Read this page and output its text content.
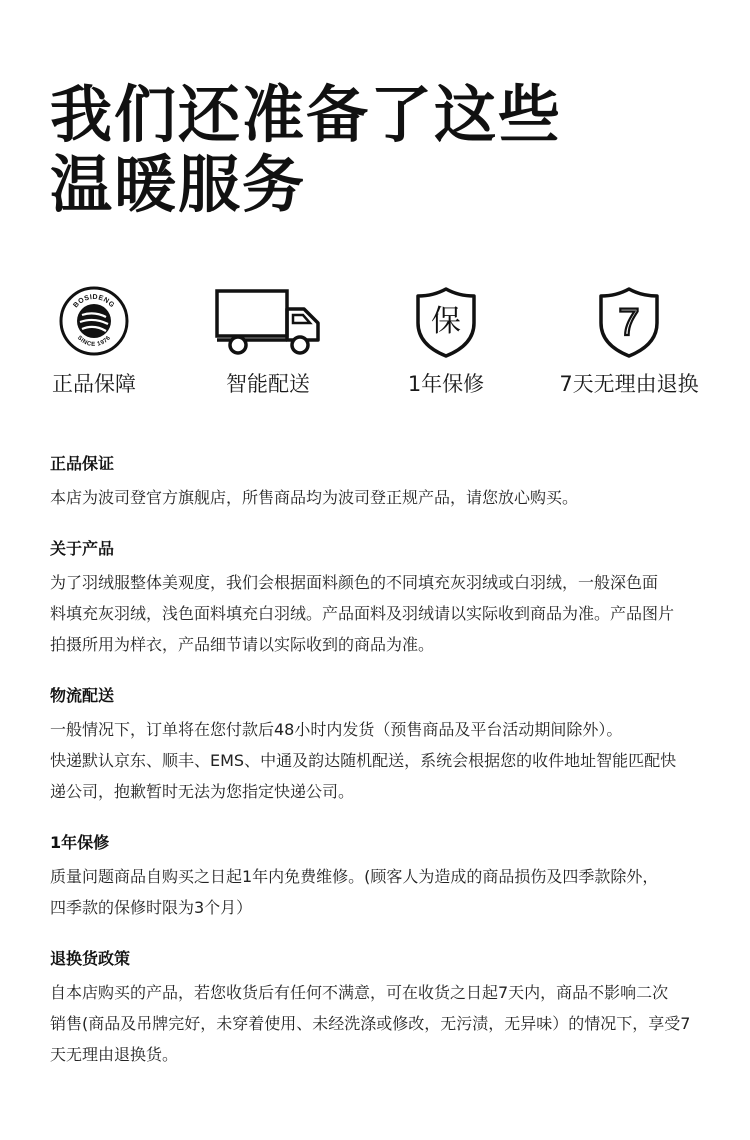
我们还准备了这些
温暖服务
BOSIDENG
SINCE 1976
正品保障	智能配送
保
1年保修
7
7天无理由退换
正品保证

本店为波司登官方旗舰店，所售商品均为波司登正规产品，请您放心购买。

关于产品

为了羽绒服整体美观度，我们会根据面料颜色的不同填充灰羽绒或白羽绒，一般深色面

料填充灰羽绒，浅色面料填充白羽绒。产品面料及羽绒请以实际收到商品为准。产品图片

拍摄所用为样衣，产品细节请以实际收到的商品为准。

物流配送

一般情况下，订单将在您付款后48小时内发货（预售商品及平台活动期间除外）。

快递默认京东、顺丰、EMS、中通及韵达随机配送，系统会根据您的收件地址智能匹配快

递公司，抱歉暂时无法为您指定快递公司。

1年保修

质量问题商品自购买之日起1年内免费维修。(顾客人为造成的商品损伤及四季款除外，

四季款的保修时限为3个月）

退换货政策

自本店购买的产品，若您收货后有任何不满意，可在收货之日起7天内，商品不影响二次

销售(商品及吊牌完好，未穿着使用、未经洗涤或修改，无污渍，无异味）的情况下，享受7

天无理由退换货。
